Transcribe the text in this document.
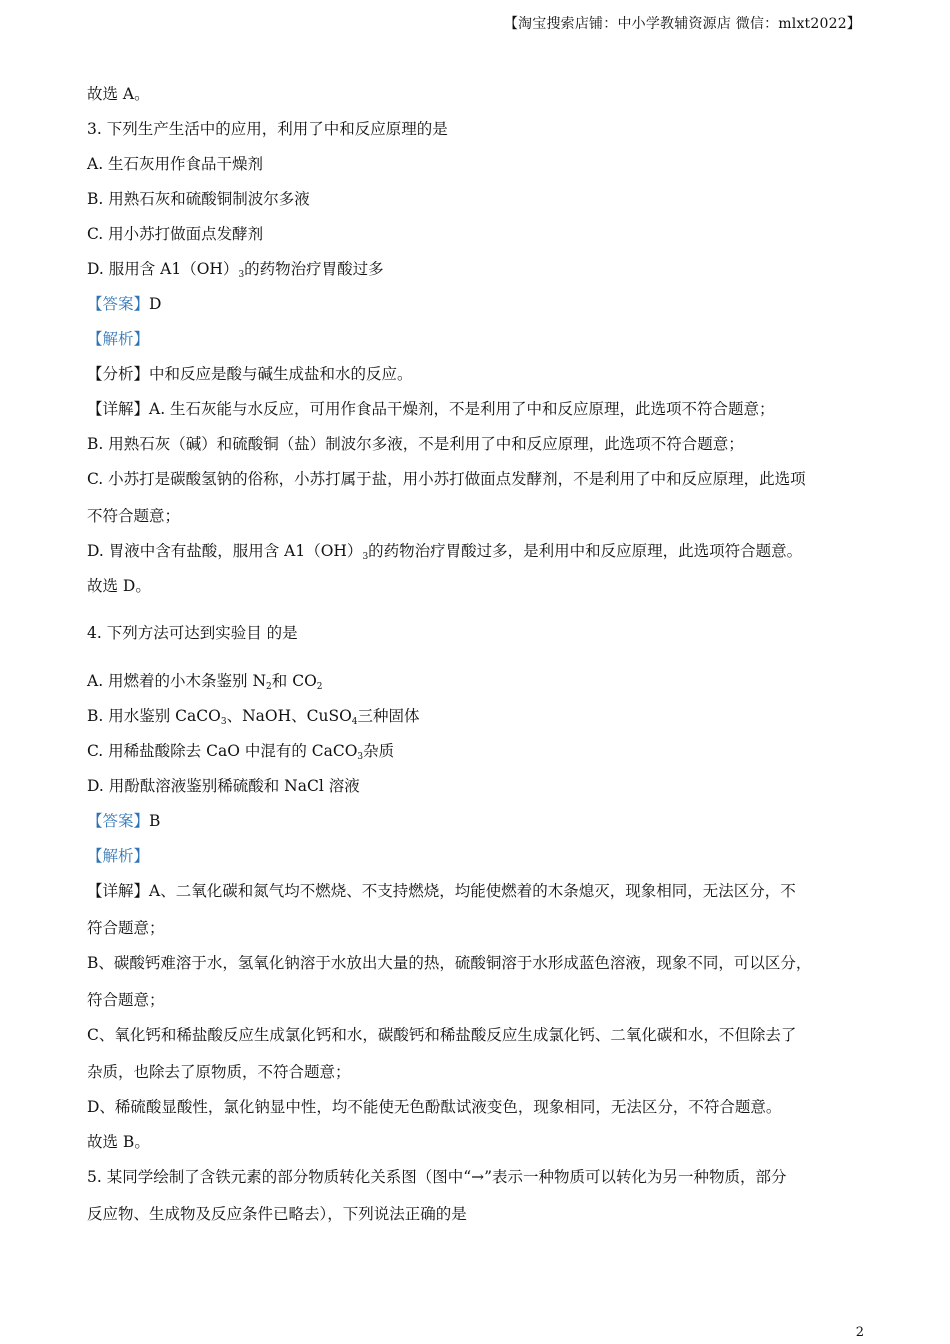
【淘宝搜索店铺：中小学教辅资源店 微信：mlxt2022】
故选 A。
3. 下列生产生活中的应用，利用了中和反应原理的是
A. 生石灰用作食品干燥剂
B. 用熟石灰和硫酸铜制波尔多液
C. 用小苏打做面点发酵剂
D. 服用含 $A1(OH)_3$的药物治疗胃酸过多
【答案】D
【解析】
【分析】中和反应是酸与碱生成盐和水的反应。
【详解】A. 生石灰能与水反应，可用作食品干燥剂，不是利用了中和反应原理，此选项不符合题意；
B. 用熟石灰（碱）和硫酸铜（盐）制波尔多液，不是利用了中和反应原理，此选项不符合题意；
C. 小苏打是碳酸氢钠的俗称，小苏打属于盐，用小苏打做面点发酵剂，不是利用了中和反应原理，此选项
不符合题意；
D. 胃液中含有盐酸，服用含 $A1(OH)_3$的药物治疗胃酸过多，是利用中和反应原理，此选项符合题意。
故选 D。
4. 下列方法可达到实验目 的是
A. 用燃着的小木条鉴别 $N_2$和 $CO_2$
B. 用水鉴别 CaCO$_3$、NaOH、CuSO$_4$三种固体
C. 用稀盐酸除去 CaO 中混有的 CaCO$_3$杂质
D. 用酚酞溶液鉴别稀硫酸和 NaCl 溶液
【答案】B
【解析】
【详解】A、二氧化碳和氮气均不燃烧、不支持燃烧，均能使燃着的木条熄灭，现象相同，无法区分，不
符合题意；
B、碳酸钙难溶于水，氢氧化钠溶于水放出大量的热，硫酸铜溶于水形成蓝色溶液，现象不同，可以区分，
符合题意；
C、氧化钙和稀盐酸反应生成氯化钙和水，碳酸钙和稀盐酸反应生成氯化钙、二氧化碳和水，不但除去了
杂质，也除去了原物质，不符合题意；
D、稀硫酸显酸性，氯化钠显中性，均不能使无色酚酞试液变色，现象相同，无法区分，不符合题意。
故选 B。
5. 某同学绘制了含铁元素的部分物质转化关系图（图中“→”表示一种物质可以转化为另一种物质，部分
反应物、生成物及反应条件已略去），下列说法正确的是
2
